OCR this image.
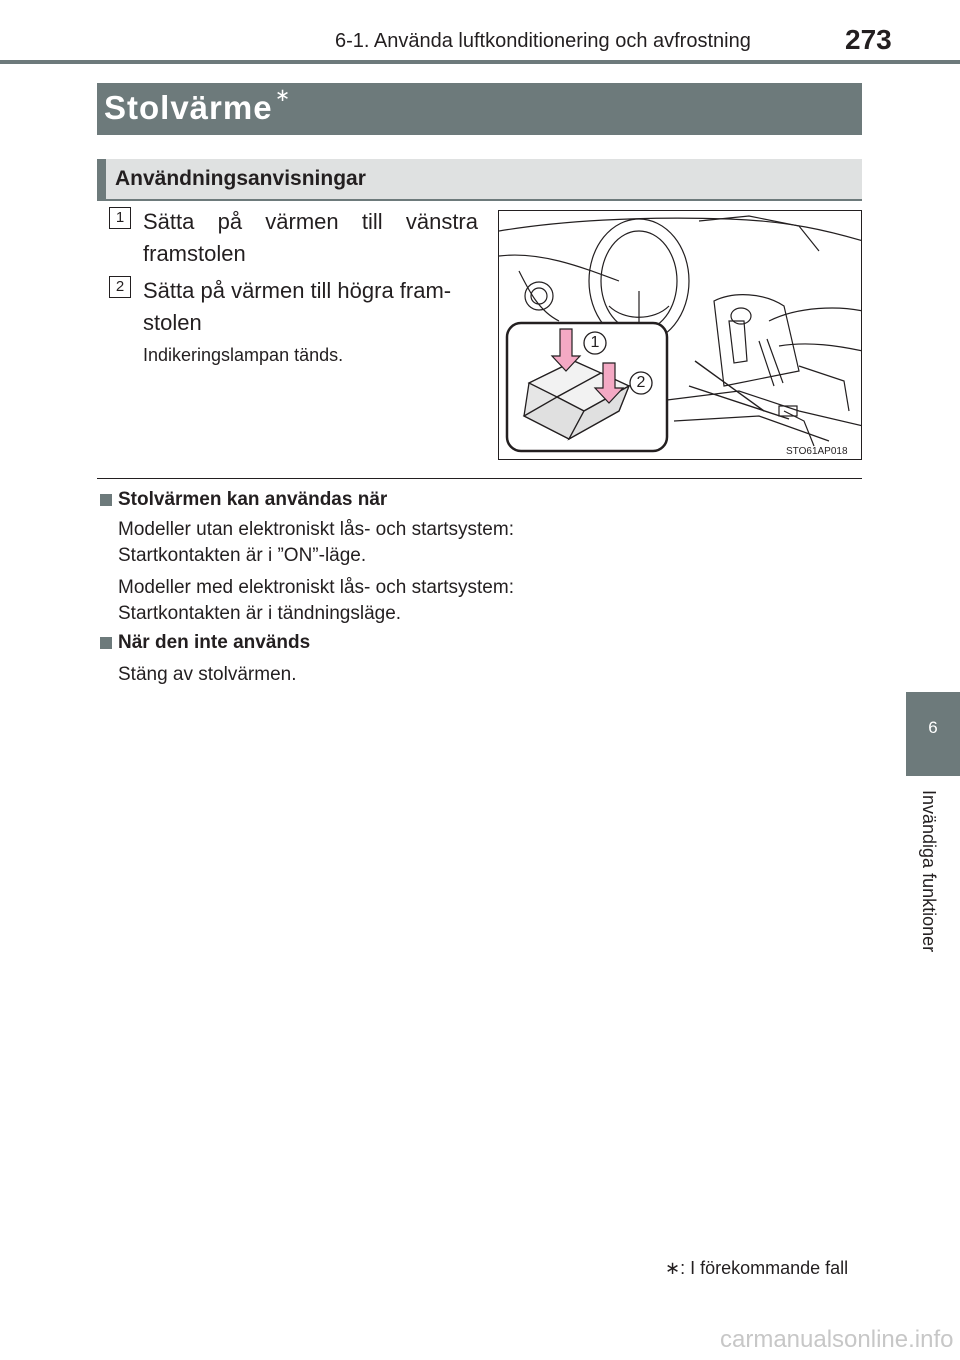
6-1. Använda luftkonditionering och avfrostning	273
6
Invändiga funktioner
Stolvärme ∗
Användningsanvisningar
1 Sätta på värmen till vänstra framstolen
2 Sätta på värmen till högra fram-stolen
Indikeringslampan tänds.
1
2
STO61AP018
Stolvärmen kan användas när
Modeller utan elektroniskt lås- och startsystem:
Startkontakten är i ”ON”-läge.
Modeller med elektroniskt lås- och startsystem:
Startkontakten är i tändningsläge.
När den inte används
Stäng av stolvärmen.
∗: I förekommande fall
carmanualsonline.info
